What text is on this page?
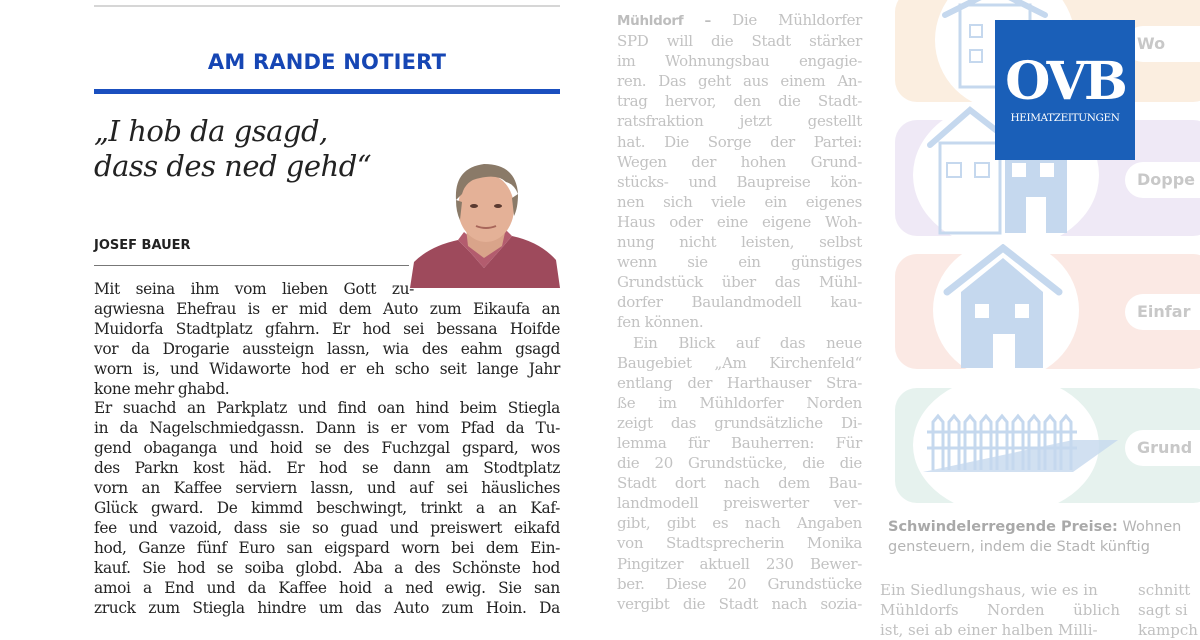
AM RANDE NOTIERT
„I hob da gsagd,
dass des ned gehd“
JOSEF BAUER
Mit seina ihm vom lieben Gott zu-
agwiesna Ehefrau is er mid dem Auto zum Eikaufa an
Muidorfa Stadtplatz gfahrn. Er hod sei bessana Hoifde
vor da Drogarie aussteign lassn, wia des eahm gsagd
worn is, und Widaworte hod er eh scho seit lange Jahr
kone mehr ghabd.
Er suachd an Parkplatz und find oan hind beim Stiegla
in da Nagelschmiedgassn. Dann is er vom Pfad da Tu-
gend obaganga und hoid se des Fuchzgal gspard, wos
des Parkn kost häd. Er hod se dann am Stodtplatz
vorn an Kaffee serviern lassn, und auf sei häusliches
Glück gward. De kimmd beschwingt, trinkt a an Kaf-
fee und vazoid, dass sie so guad und preiswert eikafd
hod, Ganze fünf Euro san eigspard worn bei dem Ein-
kauf. Sie hod se soiba globd. Aba a des Schönste hod
amoi a End und da Kaffee hoid a ned ewig. Sie san
zruck zum Stiegla hindre um das Auto zum Hoin. Da
Mühldorf – Die Mühldorfer
SPD will die Stadt stärker
im Wohnungsbau engagie-
ren. Das geht aus einem An-
trag hervor, den die Stadt-
ratsfraktion jetzt gestellt
hat. Die Sorge der Partei:
Wegen der hohen Grund-
stücks- und Baupreise kön-
nen sich viele ein eigenes
Haus oder eine eigene Woh-
nung nicht leisten, selbst
wenn sie ein günstiges
Grundstück über das Mühl-
dorfer Baulandmodell kau-
fen können.
Ein Blick auf das neue
Baugebiet „Am Kirchenfeld“
entlang der Harthauser Stra-
ße im Mühldorfer Norden
zeigt das grundsätzliche Di-
lemma für Bauherren: Für
die 20 Grundstücke, die die
Stadt dort nach dem Bau-
landmodell preiswerter ver-
gibt, gibt es nach Angaben
von Stadtsprecherin Monika
Pingitzer aktuell 230 Bewer-
ber. Diese 20 Grundstücke
vergibt die Stadt nach sozia-
Wo
Doppe
Einfar
Grund
OVB
HEIMATZEITUNGEN
Schwindelerregende Preise: Wohnen
gensteuern, indem die Stadt künftig
Ein Siedlungshaus, wie es in
Mühldorfs Norden üblich
ist, sei ab einer halben Milli-
schnitt
sagt si
kampch
